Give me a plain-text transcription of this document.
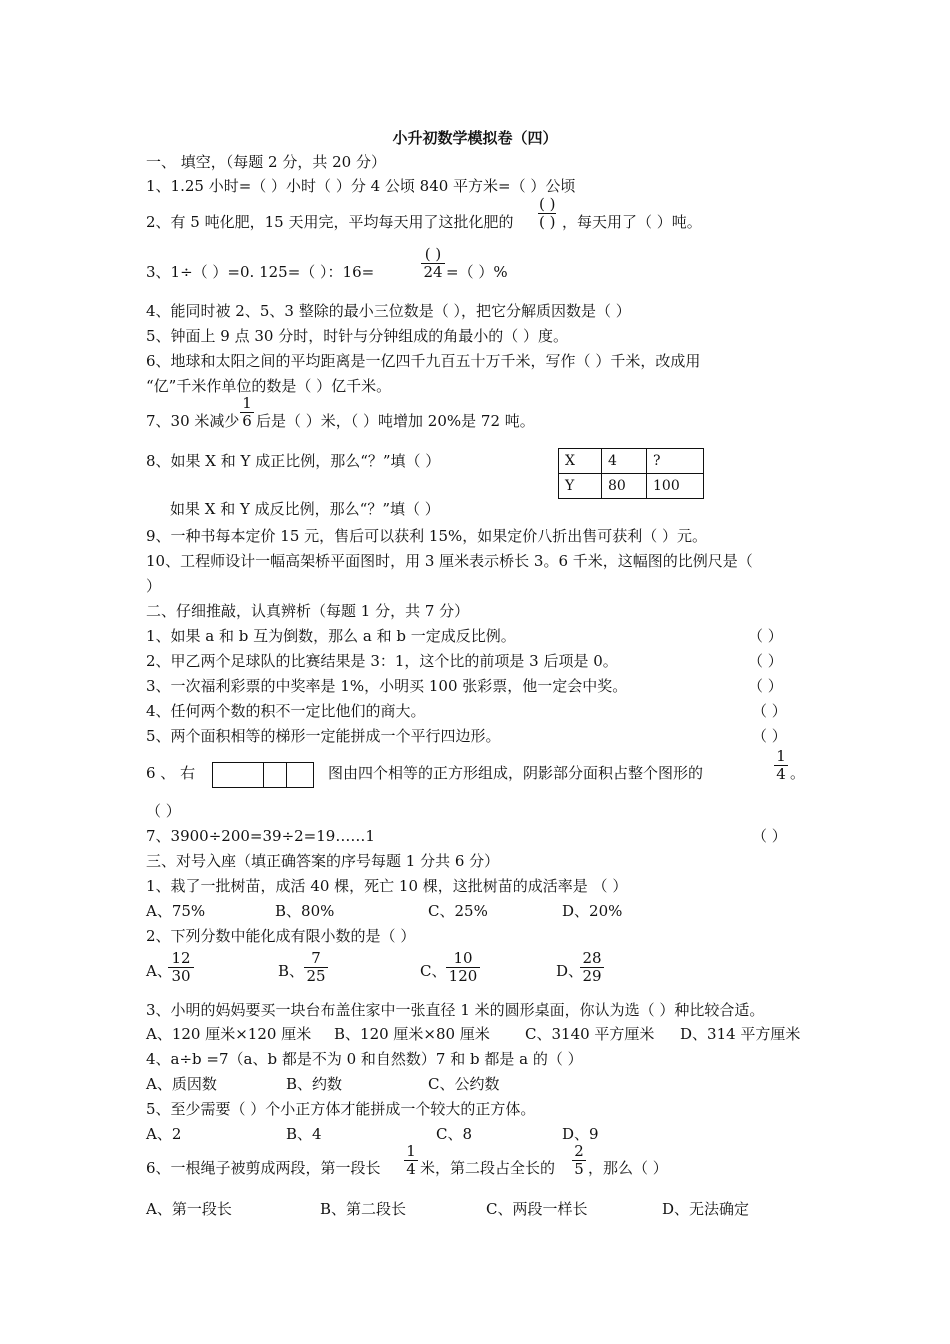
小升初数学模拟卷（四）
一、 填空，（每题 2 分，共 20 分）
1、1.25 小时=（ ）小时（ ）分 4 公顷 840 平方米=（ ）公顷
2、有 5 吨化肥，15 天用完，平均每天用了这批化肥的
( )
( ) ，每天用了（ ）吨。
3、1÷（ ）=0. 125=（ ）：16=
( )
24 =（ ）%
4、能同时被 2、5、3 整除的最小三位数是（ ），把它分解质因数是（ ）
5、钟面上 9 点 30 分时，时针与分钟组成的角最小的（ ）度。
6、地球和太阳之间的平均距离是一亿四千九百五十万千米，写作（ ）千米，改成用
“亿”千米作单位的数是（ ）亿千米。
7、30 米减少 $\frac{1}{6}$ 后是（ ）米，（ ）吨增加 20%是 72 吨。
8、如果 X 和 Y 成正比例，那么“？”填（ ）	X	4	?
Y	80	100
如果 X 和 Y 成反比例，那么“？”填（ ）
9、一种书每本定价 15 元，售后可以获利 15%，如果定价八折出售可获利（ ）元。
10、工程师设计一幅高架桥平面图时，用 3 厘米表示桥长 3。6 千米，这幅图的比例尺是（
）
二、仔细推敲，认真辨析（每题 1 分，共 7 分）
1、如果 a 和 b 互为倒数，那么 a 和 b 一定成反比例。	（ ）
2、甲乙两个足球队的比赛结果是 3：1，这个比的前项是 3 后项是 0。	（ ）
3、一次福利彩票的中奖率是 1%，小明买 100 张彩票，他一定会中奖。	（ ）
4、任何两个数的积不一定比他们的商大。	（ ）
5、两个面积相等的梯形一定能拼成一个平行四边形。	（ ）
6 、 右	图由四个相等的正方形组成，阴影部分面积占整个图形的	$\frac{1}{4}$ 。
（ ）
7、3900÷200=39÷2=19……1	（ ）
三、对号入座（填正确答案的序号每题 1 分共 6 分）
1、栽了一批树苗，成活 40 棵，死亡 10 棵，这批树苗的成活率是 （ ）
A、75%	B、80%	C、25%	D、20%
2、下列分数中能化成有限小数的是（ ）
A、
$\frac{12}{30}$	B、 $\frac{7}{25}$	C、 $\frac{10}{120}$	D、
$\frac{28}{29}$
3、小明的妈妈要买一块台布盖住家中一张直径 1 米的圆形桌面，你认为选（ ）种比较合适。
A、120 厘米×120 厘米 B、120 厘米×80 厘米 C、3140 平方厘米 D、314 平方厘米
4、a÷b =7（a、b 都是不为 0 和自然数）7 和 b 都是 a 的（ ）
A、质因数	B、约数	C、公约数
5、至少需要（ ）个小正方体才能拼成一个较大的正方体。
A、2	B、4	C、8	D、9
6、一根绳子被剪成两段，第一段长 $\frac{1}{4}$ 米，第二段占全长的 $\frac{2}{5}$ ，那么（ ）
A、第一段长	B、第二段长	C、两段一样长	D、无法确定
